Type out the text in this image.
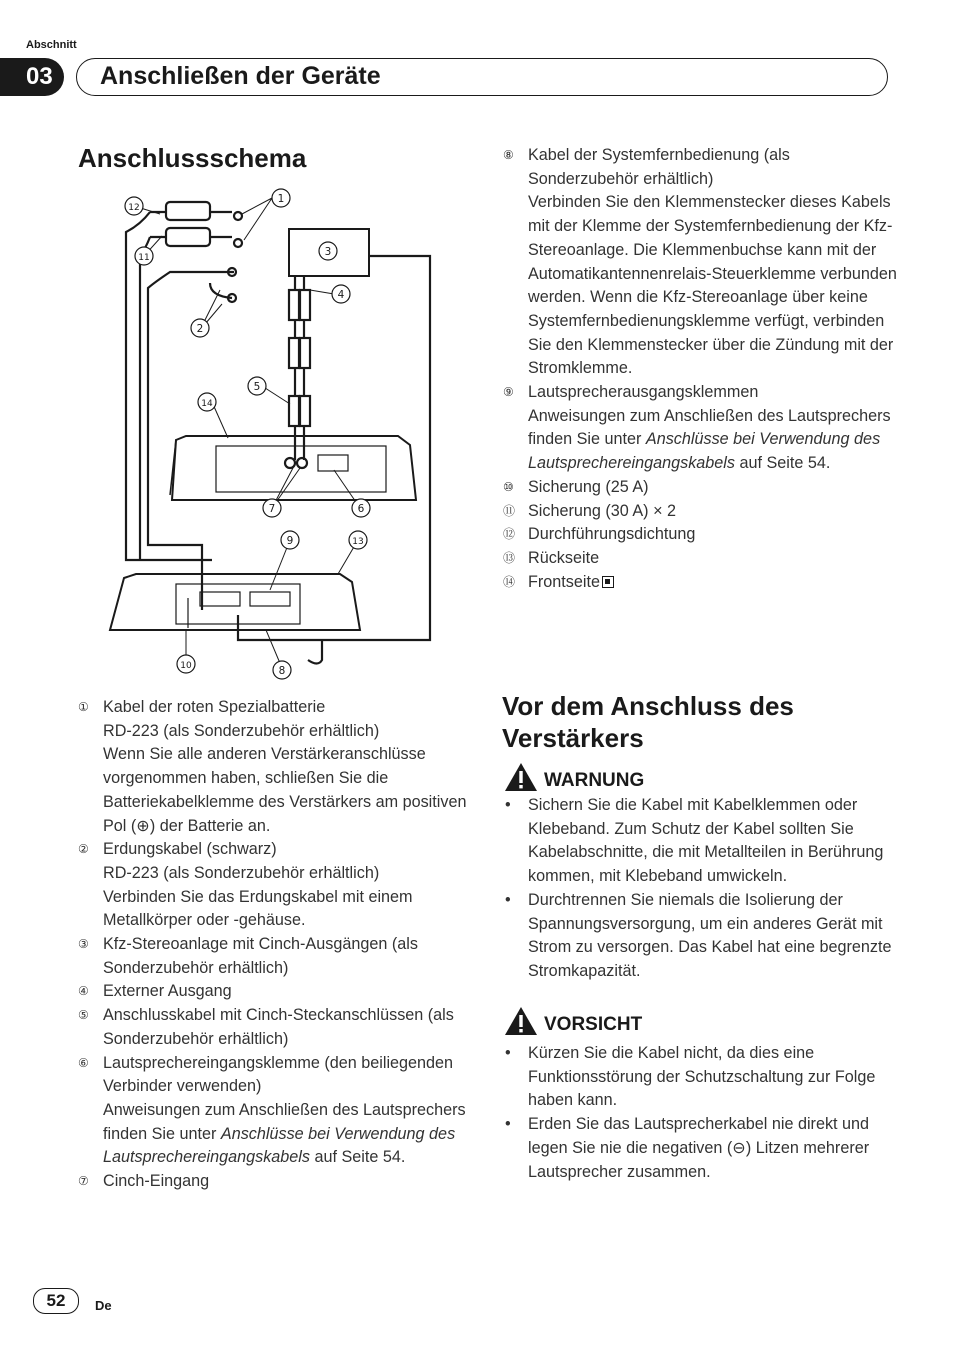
Abschnitt
03	Anschließen der Geräte
Anschlussschema
1
2
3
4
5
6
7
8
9
10
11
12
13
14
① Kabel der roten Spezialbatterie

RD-223 (als Sonderzubehör erhältlich)

Wenn Sie alle anderen Verstärkeranschlüsse vorgenommen haben, schließen Sie die Batteriekabelklemme des Verstärkers am positiven Pol (⊕) der Batterie an.

② Erdungskabel (schwarz)

RD-223 (als Sonderzubehör erhältlich)

Verbinden Sie das Erdungskabel mit einem Metallkörper oder -gehäuse.

③ Kfz-Stereoanlage mit Cinch-Ausgängen (als Sonderzubehör erhältlich)

④ Externer Ausgang

⑤ Anschlusskabel mit Cinch-Steckanschlüssen (als Sonderzubehör erhältlich)

⑥ Lautsprechereingangsklemme (den beiliegenden Verbinder verwenden)

Anweisungen zum Anschließen des Lautsprechers finden Sie unter Anschlüsse bei Verwendung des Lautsprechereingangskabels auf Seite 54.

⑦ Cinch-Eingang

⑧ Kabel der Systemfernbedienung (als Sonderzubehör erhältlich)

Verbinden Sie den Klemmenstecker dieses Kabels mit der Klemme der Systemfernbedienung der Kfz-Stereoanlage. Die Klemmenbuchse kann mit der Automatikantennenrelais-Steuerklemme verbunden werden. Wenn die Kfz-Stereoanlage über keine Systemfernbedienungsklemme verfügt, verbinden Sie den Klemmenstecker über die Zündung mit der Stromklemme.

⑨ Lautsprecherausgangsklemmen

Anweisungen zum Anschließen des Lautsprechers finden Sie unter Anschlüsse bei Verwendung des Lautsprechereingangskabels auf Seite 54.

⑩ Sicherung (25 A)

⑪ Sicherung (30 A) × 2

⑫ Durchführungsdichtung

⑬ Rückseite

⑭ Frontseite

Vor dem Anschluss des Verstärkers
WARNUNG
• Sichern Sie die Kabel mit Kabelklemmen oder Klebeband. Zum Schutz der Kabel sollten Sie Kabelabschnitte, die mit Metallteilen in Berührung kommen, mit Klebeband umwickeln.
• Durchtrennen Sie niemals die Isolierung der Spannungsversorgung, um ein anderes Gerät mit Strom zu versorgen. Das Kabel hat eine begrenzte Stromkapazität.
VORSICHT
• Kürzen Sie die Kabel nicht, da dies eine Funktionsstörung der Schutzschaltung zur Folge haben kann.
• Erden Sie das Lautsprecherkabel nie direkt und legen Sie nie die negativen (⊖) Litzen mehrerer Lautsprecher zusammen.
52	De
